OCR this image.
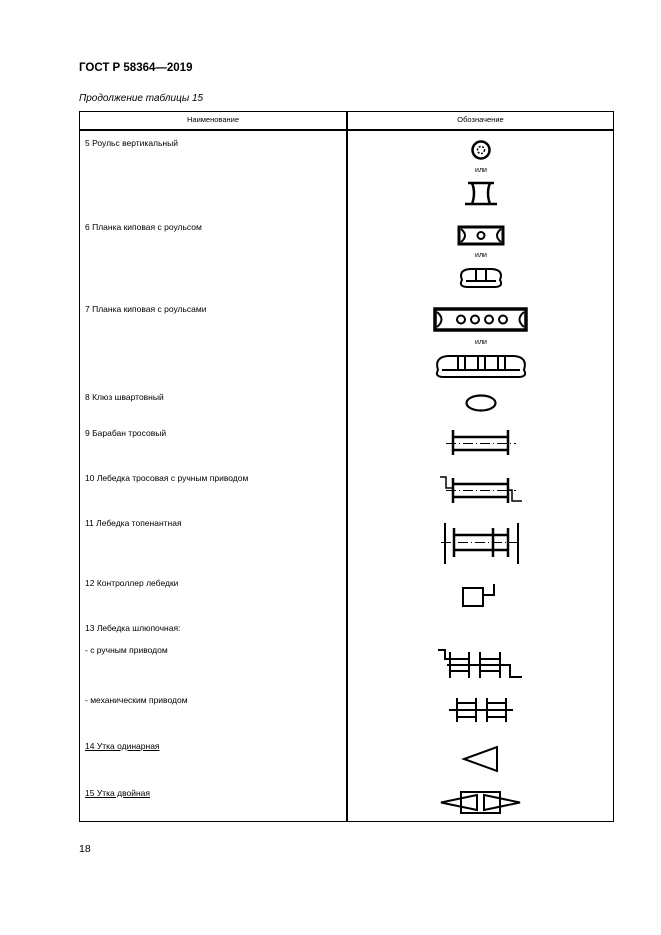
ГОСТ Р 58364—2019
Продолжение таблицы 15
Наименование	Обозначение
5 Роульс вертикальный
6 Планка киповая с роульсом
7 Планка киповая с роульсами
8 Клюз швартовный
9 Барабан тросовый
10 Лебедка тросовая с ручным приводом
11 Лебедка топенантная
12 Контроллер лебедки
13 Лебедка шлюпочная:
- с ручным приводом
- механическим приводом
14 Утка одинарная
15 Утка двойная
или
или
или
18
